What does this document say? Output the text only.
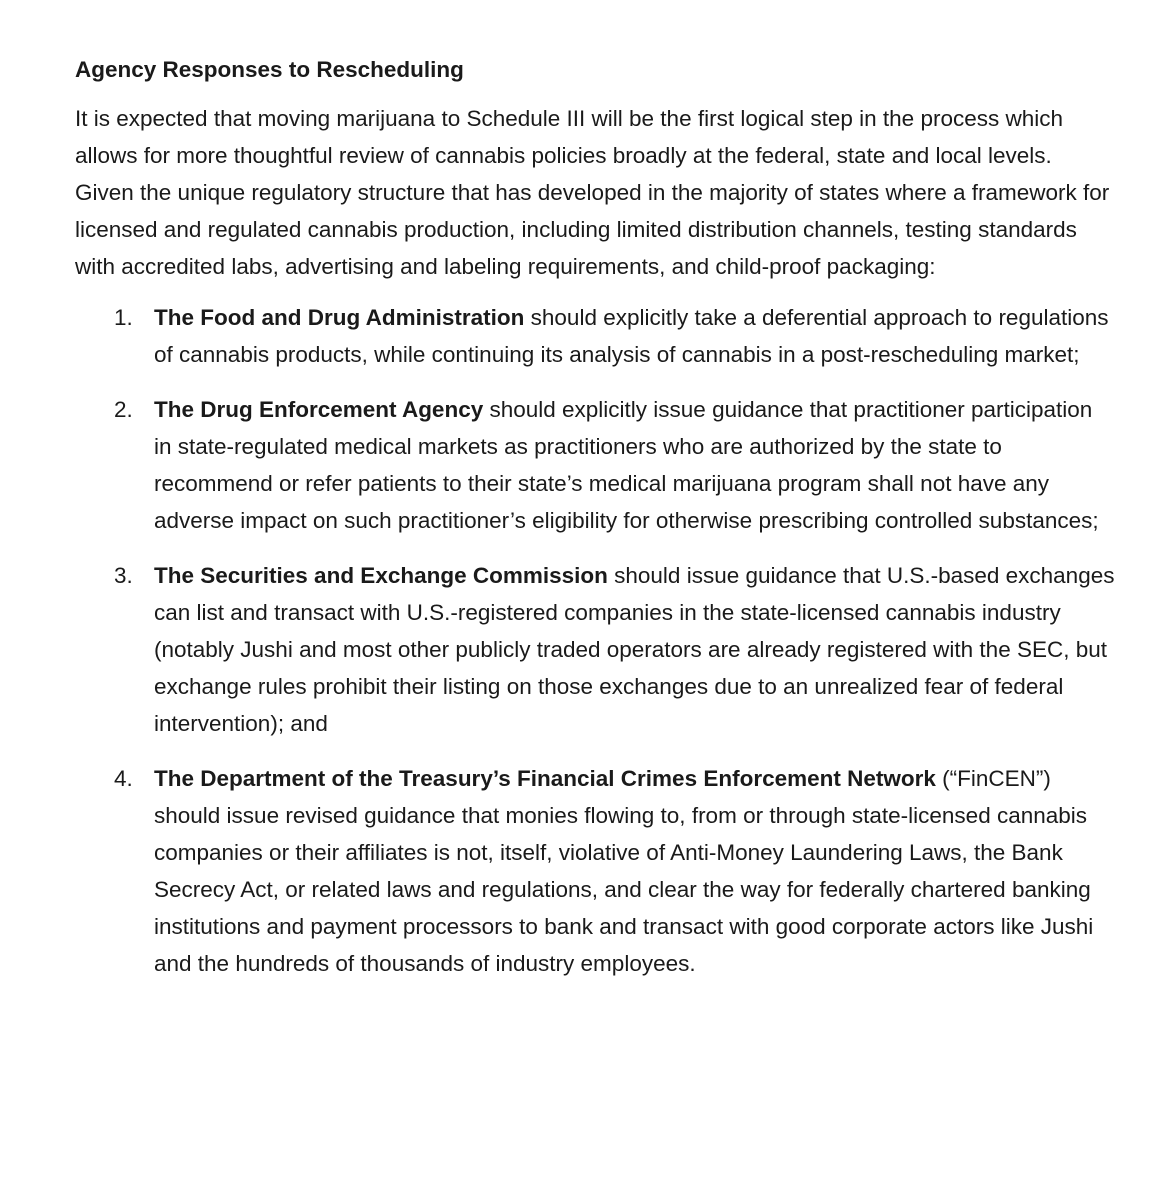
Agency Responses to Rescheduling

It is expected that moving marijuana to Schedule III will be the first logical step in the process which allows for more thoughtful review of cannabis policies broadly at the federal, state and local levels. Given the unique regulatory structure that has developed in the majority of states where a framework for licensed and regulated cannabis production, including limited distribution channels, testing standards with accredited labs, advertising and labeling requirements, and child-proof packaging:

1. The Food and Drug Administration should explicitly take a deferential approach to regulations of cannabis products, while continuing its analysis of cannabis in a post-rescheduling market;
2. The Drug Enforcement Agency should explicitly issue guidance that practitioner participation in state-regulated medical markets as practitioners who are authorized by the state to recommend or refer patients to their state’s medical marijuana program shall not have any adverse impact on such practitioner’s eligibility for otherwise prescribing controlled substances;
3. The Securities and Exchange Commission should issue guidance that U.S.-based exchanges can list and transact with U.S.-registered companies in the state-licensed cannabis industry (notably Jushi and most other publicly traded operators are already registered with the SEC, but exchange rules prohibit their listing on those exchanges due to an unrealized fear of federal intervention); and
4. The Department of the Treasury’s Financial Crimes Enforcement Network (“FinCEN”) should issue revised guidance that monies flowing to, from or through state-licensed cannabis companies or their affiliates is not, itself, violative of Anti-Money Laundering Laws, the Bank Secrecy Act, or related laws and regulations, and clear the way for federally chartered banking institutions and payment processors to bank and transact with good corporate actors like Jushi and the hundreds of thousands of industry employees.
